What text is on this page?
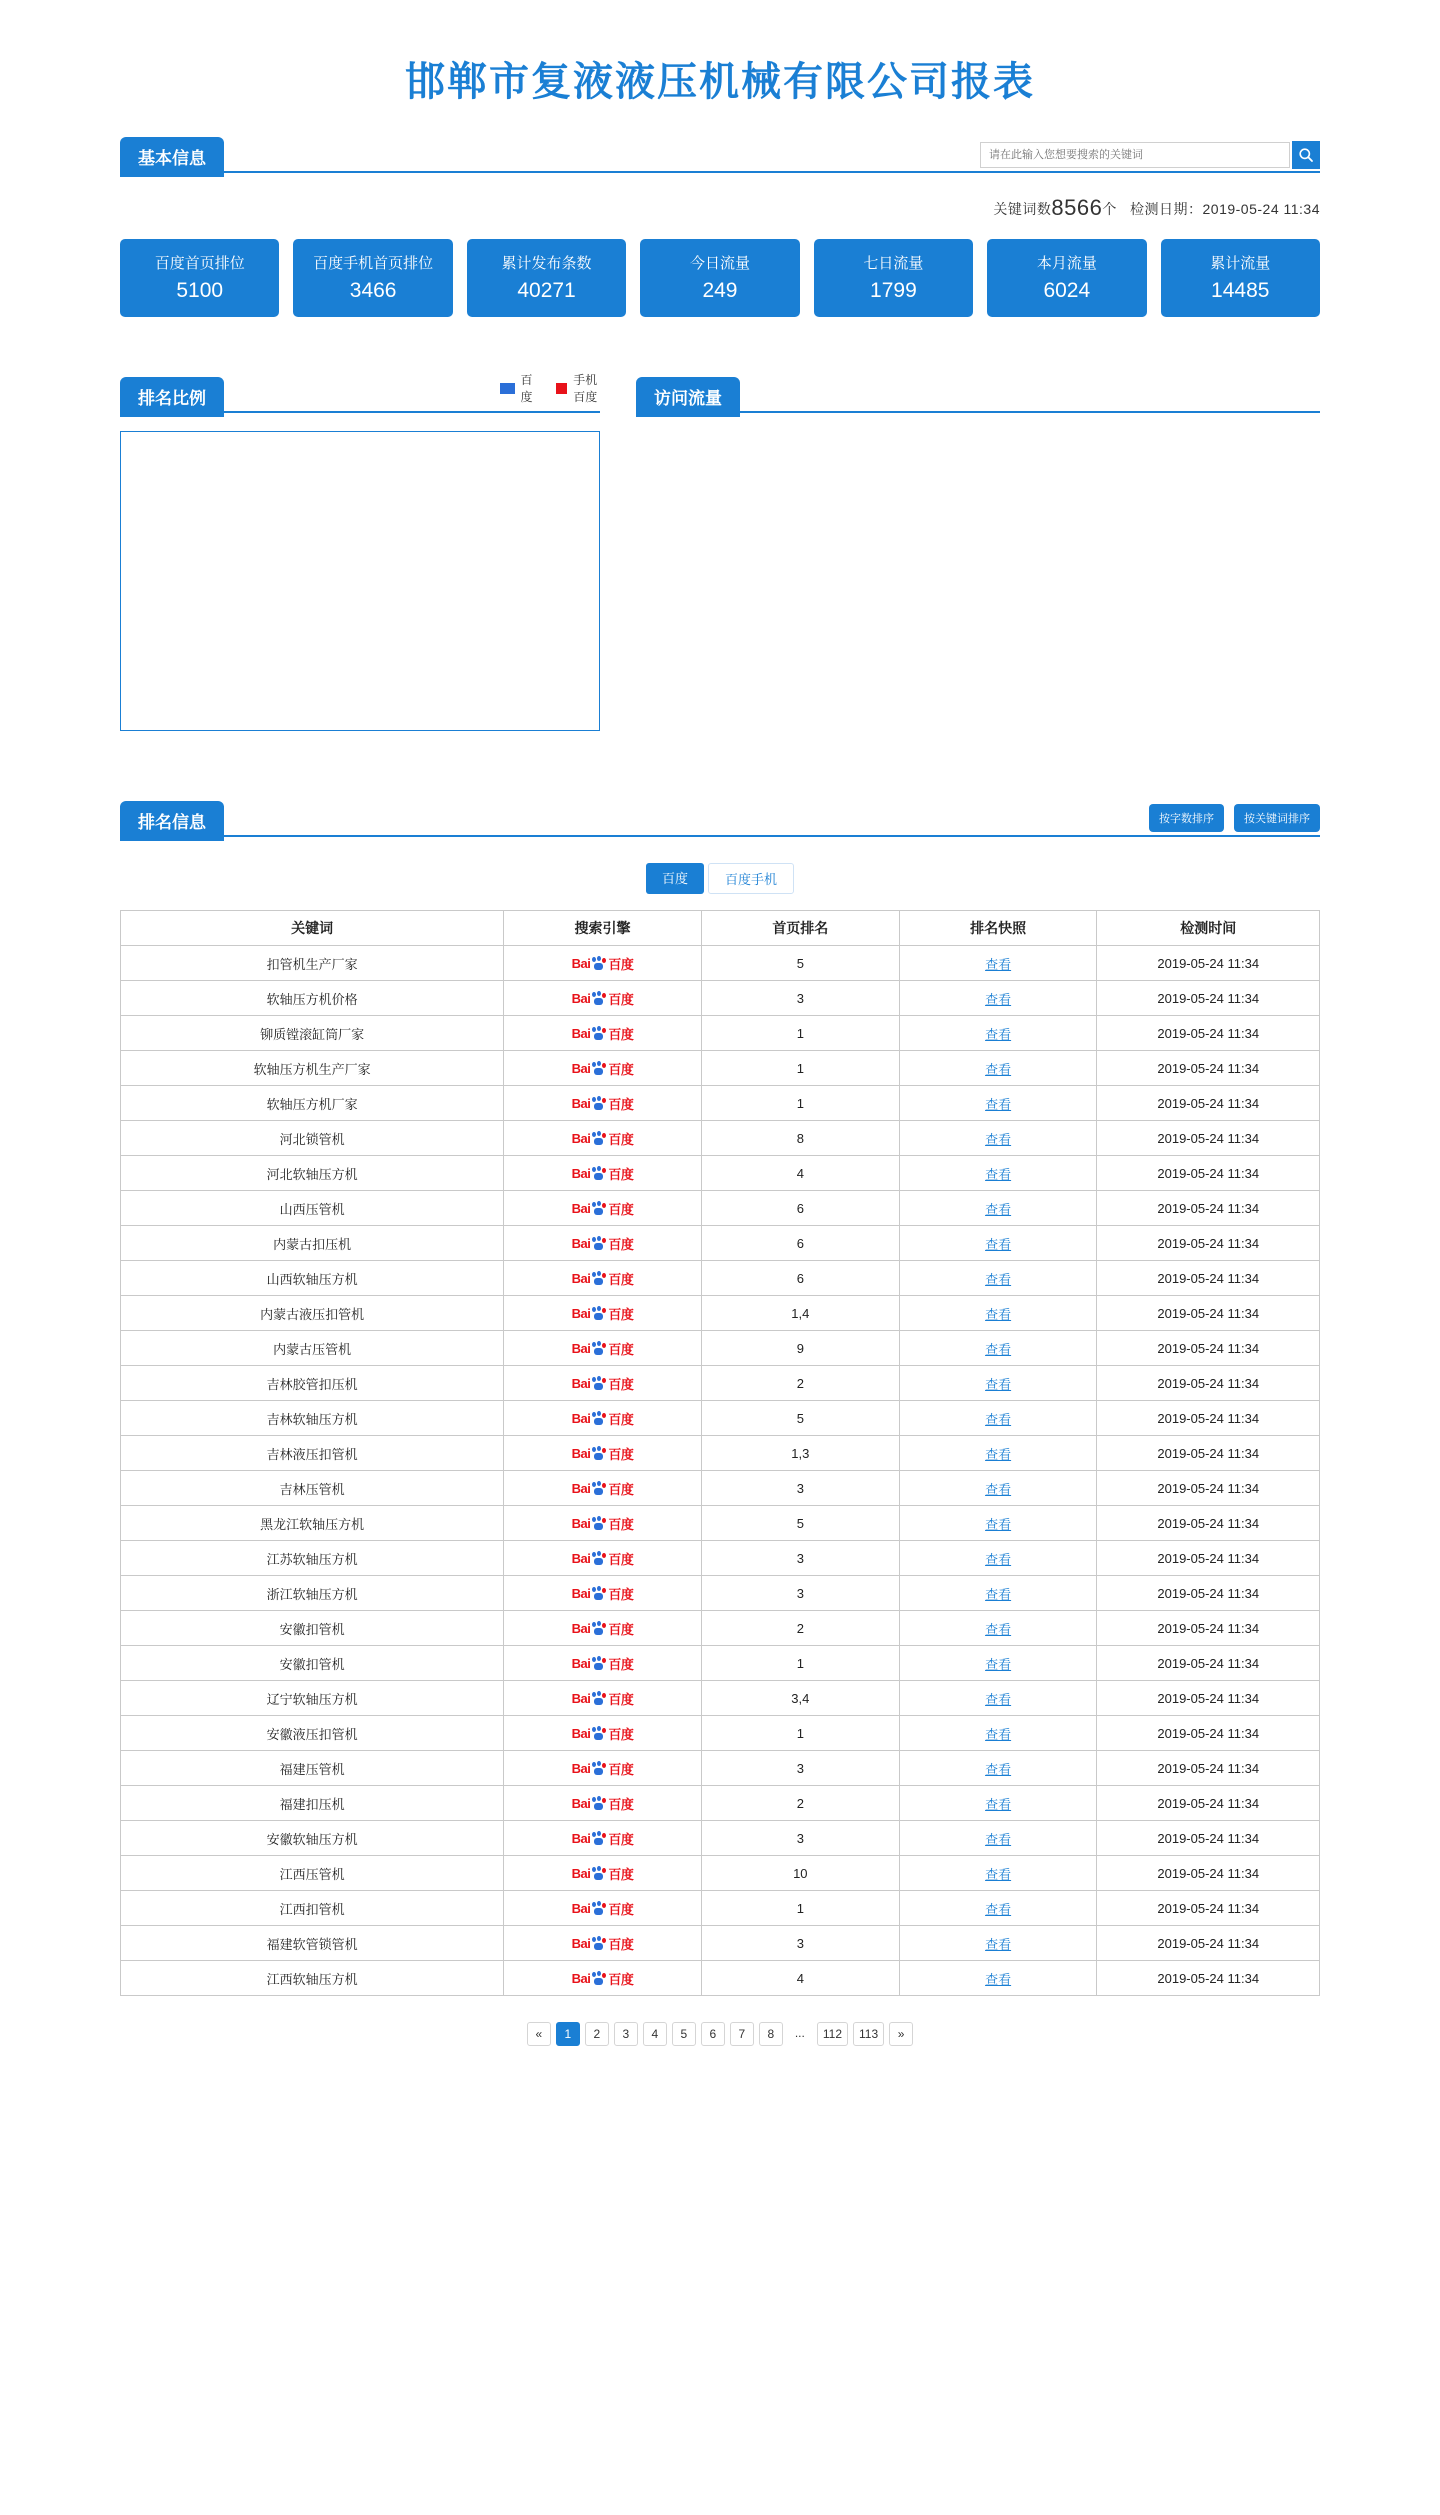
邯郸市复液液压机械有限公司报表
基本信息
请在此输入您想要搜索的关键词
关键词数8566个 检测日期：2019-05-24 11:34
百度首页排位
5100
百度手机首页排位
3466
累计发布条数
40271
今日流量
249
七日流量
1799
本月流量
6024
累计流量
14485
排名比例
百度
手机百度	访问流量
排名信息	按字数排序	按关键词排序
百度	百度手机
关键词	搜索引擎	首页排名	排名快照	检测时间
扣管机生产厂家	Bai 百度	5	查看	2019-05-24 11:34
软轴压方机价格	Bai 百度	3	查看	2019-05-24 11:34
铆质镗滚缸筒厂家	Bai 百度	1	查看	2019-05-24 11:34
软轴压方机生产厂家	Bai 百度	1	查看	2019-05-24 11:34
软轴压方机厂家	Bai 百度	1	查看	2019-05-24 11:34
河北锁管机	Bai 百度	8	查看	2019-05-24 11:34
河北软轴压方机	Bai 百度	4	查看	2019-05-24 11:34
山西压管机	Bai 百度	6	查看	2019-05-24 11:34
内蒙古扣压机	Bai 百度	6	查看	2019-05-24 11:34
山西软轴压方机	Bai 百度	6	查看	2019-05-24 11:34
内蒙古液压扣管机	Bai 百度	1,4	查看	2019-05-24 11:34
内蒙古压管机	Bai 百度	9	查看	2019-05-24 11:34
吉林胶管扣压机	Bai 百度	2	查看	2019-05-24 11:34
吉林软轴压方机	Bai 百度	5	查看	2019-05-24 11:34
吉林液压扣管机	Bai 百度	1,3	查看	2019-05-24 11:34
吉林压管机	Bai 百度	3	查看	2019-05-24 11:34
黑龙江软轴压方机	Bai 百度	5	查看	2019-05-24 11:34
江苏软轴压方机	Bai 百度	3	查看	2019-05-24 11:34
浙江软轴压方机	Bai 百度	3	查看	2019-05-24 11:34
安徽扣管机	Bai 百度	2	查看	2019-05-24 11:34
安徽扣管机	Bai 百度	1	查看	2019-05-24 11:34
辽宁软轴压方机	Bai 百度	3,4	查看	2019-05-24 11:34
安徽液压扣管机	Bai 百度	1	查看	2019-05-24 11:34
福建压管机	Bai 百度	3	查看	2019-05-24 11:34
福建扣压机	Bai 百度	2	查看	2019-05-24 11:34
安徽软轴压方机	Bai 百度	3	查看	2019-05-24 11:34
江西压管机	Bai 百度	10	查看	2019-05-24 11:34
江西扣管机	Bai 百度	1	查看	2019-05-24 11:34
福建软管锁管机	Bai 百度	3	查看	2019-05-24 11:34
江西软轴压方机	Bai 百度	4	查看	2019-05-24 11:34
«	1	2	3	4	5	6	7	8	...	112	113	»
